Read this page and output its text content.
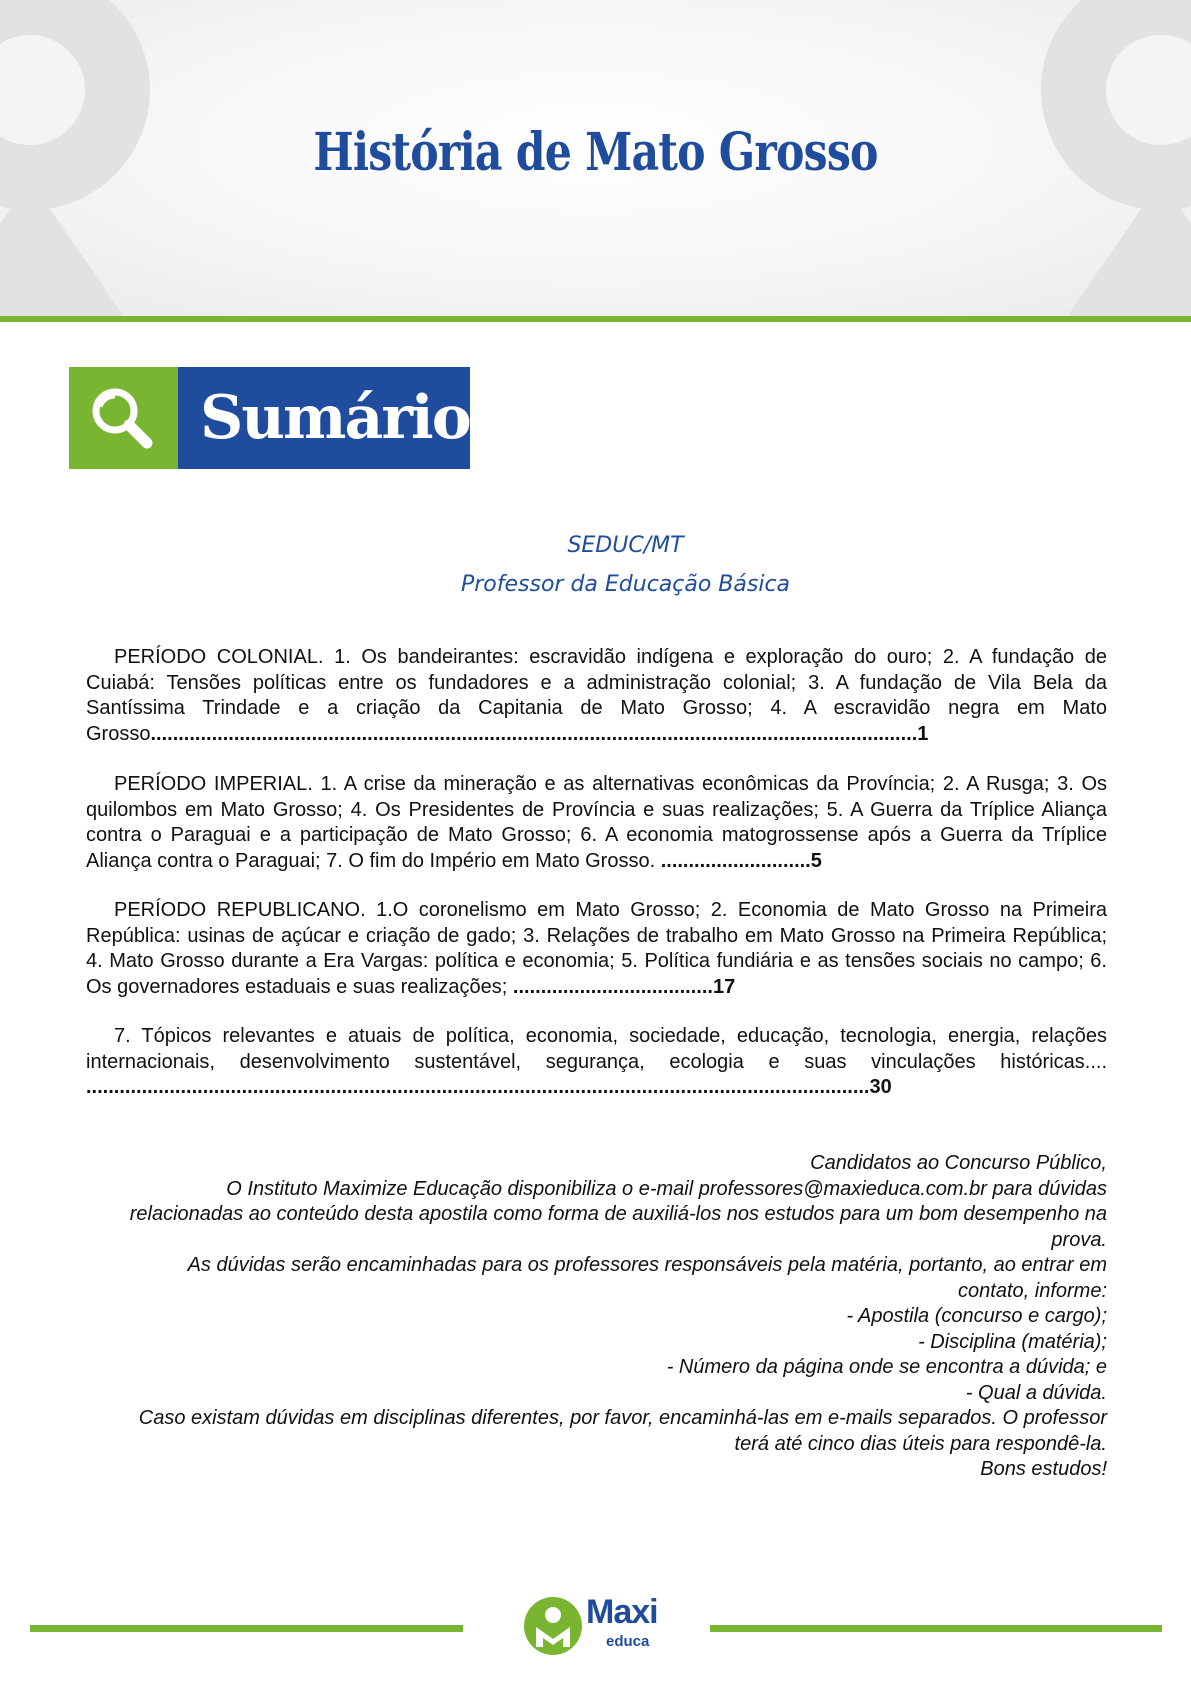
História de Mato Grosso
Sumário
SEDUC/MT
Professor da Educação Básica

PERÍODO COLONIAL. 1. Os bandeirantes: escravidão indígena e exploração do ouro; 2. A fundação de Cuiabá: Tensões políticas entre os fundadores e a administração colonial; 3. A fundação de Vila Bela da Santíssima Trindade e a criação da Capitania de Mato Grosso; 4. A escravidão negra em Mato Grosso..........................................................................................................................................1

PERÍODO IMPERIAL. 1. A crise da mineração e as alternativas econômicas da Província; 2. A Rusga; 3. Os quilombos em Mato Grosso; 4. Os Presidentes de Província e suas realizações; 5. A Guerra da Tríplice Aliança contra o Paraguai e a participação de Mato Grosso; 6. A economia matogrossense após a Guerra da Tríplice Aliança contra o Paraguai; 7. O fim do Império em Mato Grosso. ...........................5

PERÍODO REPUBLICANO. 1.O coronelismo em Mato Grosso; 2. Economia de Mato Grosso na Primeira República: usinas de açúcar e criação de gado; 3. Relações de trabalho em Mato Grosso na Primeira República; 4. Mato Grosso durante a Era Vargas: política e economia; 5. Política fundiária e as tensões sociais no campo; 6. Os governadores estaduais e suas realizações; ....................................17

7. Tópicos relevantes e atuais de política, economia, sociedade, educação, tecnologia, energia, relações internacionais, desenvolvimento sustentável, segurança, ecologia e suas vinculações históricas.... .............................................................................................................................................30

Candidatos ao Concurso Público,
O Instituto Maximize Educação disponibiliza o e-mail professores@maxieduca.com.br para dúvidas relacionadas ao conteúdo desta apostila como forma de auxiliá-los nos estudos para um bom desempenho na prova.
As dúvidas serão encaminhadas para os professores responsáveis pela matéria, portanto, ao entrar em contato, informe:
- Apostila (concurso e cargo);
- Disciplina (matéria);
- Número da página onde se encontra a dúvida; e
- Qual a dúvida.
Caso existam dúvidas em disciplinas diferentes, por favor, encaminhá-las em e-mails separados. O professor terá até cinco dias úteis para respondê-la.
Bons estudos!
Maxi
educa
